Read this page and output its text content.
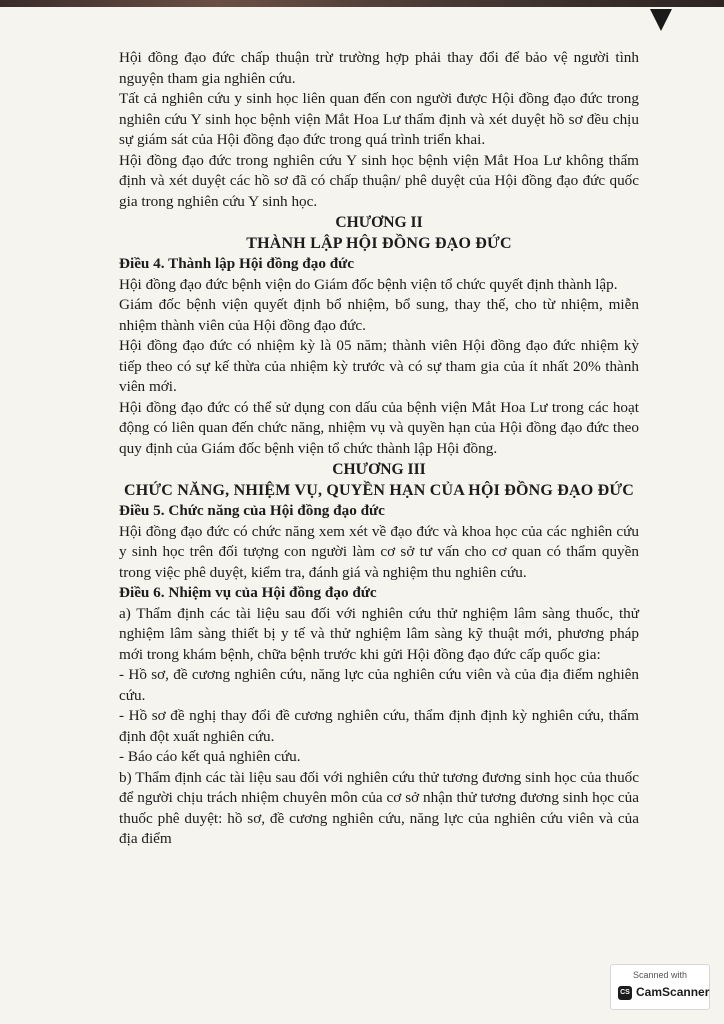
Hội đồng đạo đức chấp thuận trừ trường hợp phải thay đổi để bảo vệ người tình nguyện tham gia nghiên cứu.

Tất cả nghiên cứu y sinh học liên quan đến con người được Hội đồng đạo đức trong nghiên cứu Y sinh học bệnh viện Mắt Hoa Lư thẩm định và xét duyệt hồ sơ đều chịu sự giám sát của Hội đồng đạo đức trong quá trình triển khai.

Hội đồng đạo đức trong nghiên cứu Y sinh học bệnh viện Mắt Hoa Lư không thẩm định và xét duyệt các hồ sơ đã có chấp thuận/ phê duyệt của Hội đồng đạo đức quốc gia trong nghiên cứu Y sinh học.

CHƯƠNG II

THÀNH LẬP HỘI ĐỒNG ĐẠO ĐỨC

Điều 4. Thành lập Hội đồng đạo đức

Hội đồng đạo đức bệnh viện do Giám đốc bệnh viện tổ chức quyết định thành lập.

Giám đốc bệnh viện quyết định bổ nhiệm, bổ sung, thay thế, cho từ nhiệm, miễn nhiệm thành viên của Hội đồng đạo đức.

Hội đồng đạo đức có nhiệm kỳ là 05 năm; thành viên Hội đồng đạo đức nhiệm kỳ tiếp theo có sự kế thừa của nhiệm kỳ trước và có sự tham gia của ít nhất 20% thành viên mới.

Hội đồng đạo đức có thể sử dụng con dấu của bệnh viện Mắt Hoa Lư trong các hoạt động có liên quan đến chức năng, nhiệm vụ và quyền hạn của Hội đồng đạo đức theo quy định của Giám đốc bệnh viện tổ chức thành lập Hội đồng.

CHƯƠNG III

CHỨC NĂNG, NHIỆM VỤ, QUYỀN HẠN CỦA HỘI ĐỒNG ĐẠO ĐỨC

Điều 5. Chức năng của Hội đồng đạo đức

Hội đồng đạo đức có chức năng xem xét về đạo đức và khoa học của các nghiên cứu y sinh học trên đối tượng con người làm cơ sở tư vấn cho cơ quan có thẩm quyền trong việc phê duyệt, kiểm tra, đánh giá và nghiệm thu nghiên cứu.

Điều 6. Nhiệm vụ của Hội đồng đạo đức

a) Thẩm định các tài liệu sau đối với nghiên cứu thử nghiệm lâm sàng thuốc, thử nghiệm lâm sàng thiết bị y tế và thử nghiệm lâm sàng kỹ thuật mới, phương pháp mới trong khám bệnh, chữa bệnh trước khi gửi Hội đồng đạo đức cấp quốc gia:

- Hồ sơ, đề cương nghiên cứu, năng lực của nghiên cứu viên và của địa điểm nghiên cứu.

- Hồ sơ đề nghị thay đổi đề cương nghiên cứu, thẩm định định kỳ nghiên cứu, thẩm định đột xuất nghiên cứu.

- Báo cáo kết quả nghiên cứu.

b) Thẩm định các tài liệu sau đối với nghiên cứu thử tương đương sinh học của thuốc để người chịu trách nhiệm chuyên môn của cơ sở nhận thử tương đương sinh học của thuốc phê duyệt: hồ sơ, đề cương nghiên cứu, năng lực của nghiên cứu viên và của địa điểm

Scanned with
CS CamScanner
